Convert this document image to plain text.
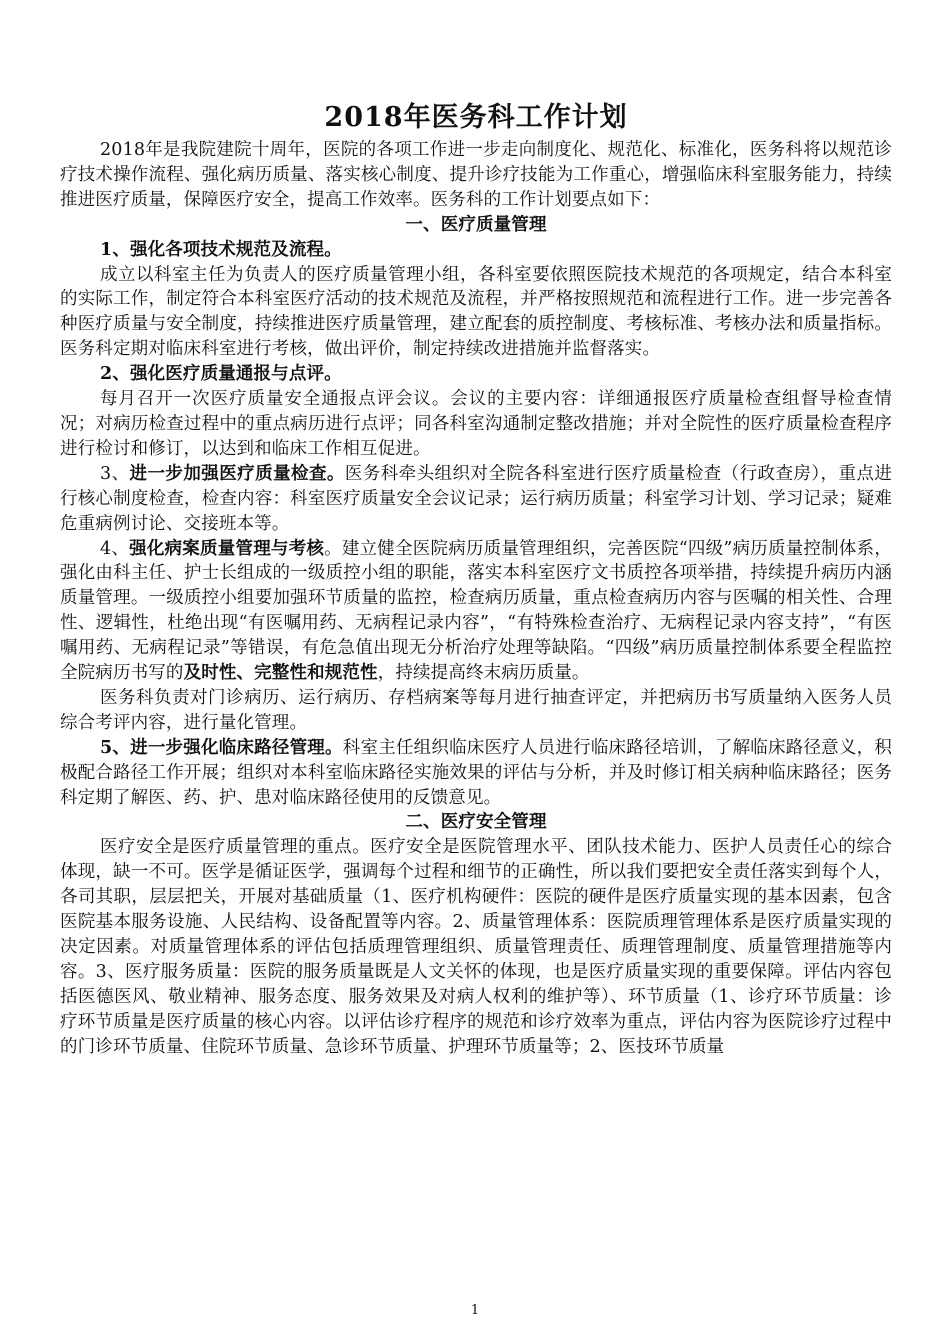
2018年医务科工作计划

2018年是我院建院十周年，医院的各项工作进一步走向制度化、规范化、标准化，医务科将以规范诊疗技术操作流程、强化病历质量、落实核心制度、提升诊疗技能为工作重心，增强临床科室服务能力，持续推进医疗质量，保障医疗安全，提高工作效率。医务科的工作计划要点如下：

一、医疗质量管理

1、强化各项技术规范及流程。

成立以科室主任为负责人的医疗质量管理小组，各科室要依照医院技术规范的各项规定，结合本科室的实际工作，制定符合本科室医疗活动的技术规范及流程，并严格按照规范和流程进行工作。进一步完善各种医疗质量与安全制度，持续推进医疗质量管理，建立配套的质控制度、考核标准、考核办法和质量指标。医务科定期对临床科室进行考核，做出评价，制定持续改进措施并监督落实。

2、强化医疗质量通报与点评。

每月召开一次医疗质量安全通报点评会议。会议的主要内容：详细通报医疗质量检查组督导检查情况；对病历检查过程中的重点病历进行点评；同各科室沟通制定整改措施；并对全院性的医疗质量检查程序进行检讨和修订，以达到和临床工作相互促进。

3、进一步加强医疗质量检查。医务科牵头组织对全院各科室进行医疗质量检查（行政查房），重点进行核心制度检查，检查内容：科室医疗质量安全会议记录；运行病历质量；科室学习计划、学习记录；疑难危重病例讨论、交接班本等。

4、强化病案质量管理与考核。建立健全医院病历质量管理组织，完善医院“四级”病历质量控制体系，强化由科主任、护士长组成的一级质控小组的职能，落实本科室医疗文书质控各项举措，持续提升病历内涵质量管理。一级质控小组要加强环节质量的监控，检查病历质量，重点检查病历内容与医嘱的相关性、合理性、逻辑性，杜绝出现“有医嘱用药、无病程记录内容”，“有特殊检查治疗、无病程记录内容支持”，“有医嘱用药、无病程记录”等错误，有危急值出现无分析治疗处理等缺陷。“四级”病历质量控制体系要全程监控全院病历书写的及时性、完整性和规范性，持续提高终末病历质量。

医务科负责对门诊病历、运行病历、存档病案等每月进行抽查评定，并把病历书写质量纳入医务人员综合考评内容，进行量化管理。

5、进一步强化临床路径管理。科室主任组织临床医疗人员进行临床路径培训，了解临床路径意义，积极配合路径工作开展；组织对本科室临床路径实施效果的评估与分析，并及时修订相关病种临床路径；医务科定期了解医、药、护、患对临床路径使用的反馈意见。

二、医疗安全管理

医疗安全是医疗质量管理的重点。医疗安全是医院管理水平、团队技术能力、医护人员责任心的综合体现，缺一不可。医学是循证医学，强调每个过程和细节的正确性，所以我们要把安全责任落实到每个人，各司其职，层层把关，开展对基础质量（1、医疗机构硬件：医院的硬件是医疗质量实现的基本因素，包含医院基本服务设施、人民结构、设备配置等内容。2、质量管理体系：医院质理管理体系是医疗质量实现的决定因素。对质量管理体系的评估包括质理管理组织、质量管理责任、质理管理制度、质量管理措施等内容。3、医疗服务质量：医院的服务质量既是人文关怀的体现，也是医疗质量实现的重要保障。评估内容包括医德医风、敬业精神、服务态度、服务效果及对病人权利的维护等）、环节质量（1、诊疗环节质量：诊疗环节质量是医疗质量的核心内容。以评估诊疗程序的规范和诊疗效率为重点，评估内容为医院诊疗过程中的门诊环节质量、住院环节质量、急诊环节质量、护理环节质量等；2、医技环节质量

1
